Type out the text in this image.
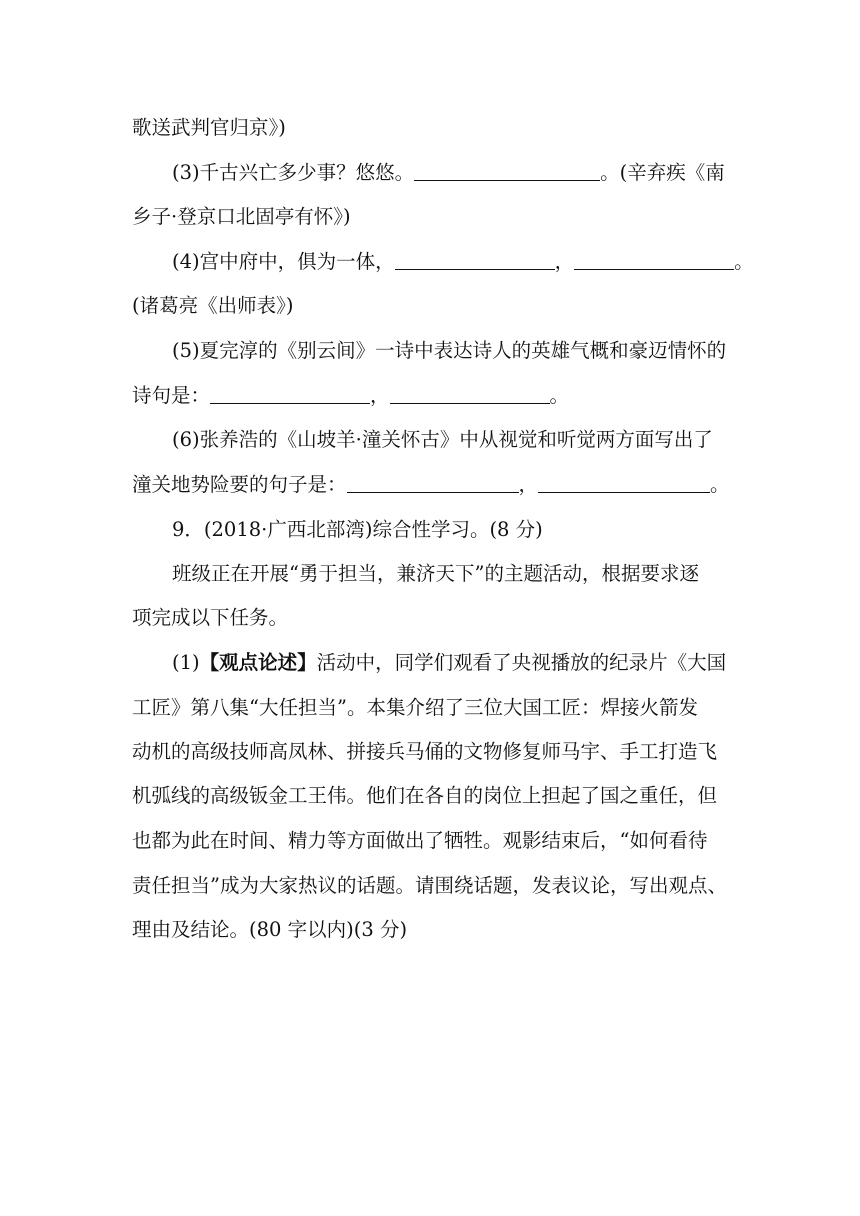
歌送武判官归京》)
(3)千古兴亡多少事？悠悠。	。(辛弃疾《南
乡子·登京口北固亭有怀》)
(4)宫中府中，俱为一体，	，	。
(诸葛亮《出师表》)
(5)夏完淳的《别云间》一诗中表达诗人的英雄气概和豪迈情怀的
诗句是：	，	。
(6)张养浩的《山坡羊·潼关怀古》中从视觉和听觉两方面写出了
潼关地势险要的句子是：	，	。
9．(2018·广西北部湾)综合性学习。(8 分)
班级正在开展“勇于担当，兼济天下”的主题活动，根据要求逐
项完成以下任务。
(1)【观点论述】活动中，同学们观看了央视播放的纪录片《大国
工匠》第八集“大任担当”。本集介绍了三位大国工匠：焊接火箭发
动机的高级技师高凤林、拼接兵马俑的文物修复师马宇、手工打造飞
机弧线的高级钣金工王伟。他们在各自的岗位上担起了国之重任，但
也都为此在时间、精力等方面做出了牺牲。观影结束后，“如何看待
责任担当”成为大家热议的话题。请围绕话题，发表议论，写出观点、
理由及结论。(80 字以内)(3 分)
